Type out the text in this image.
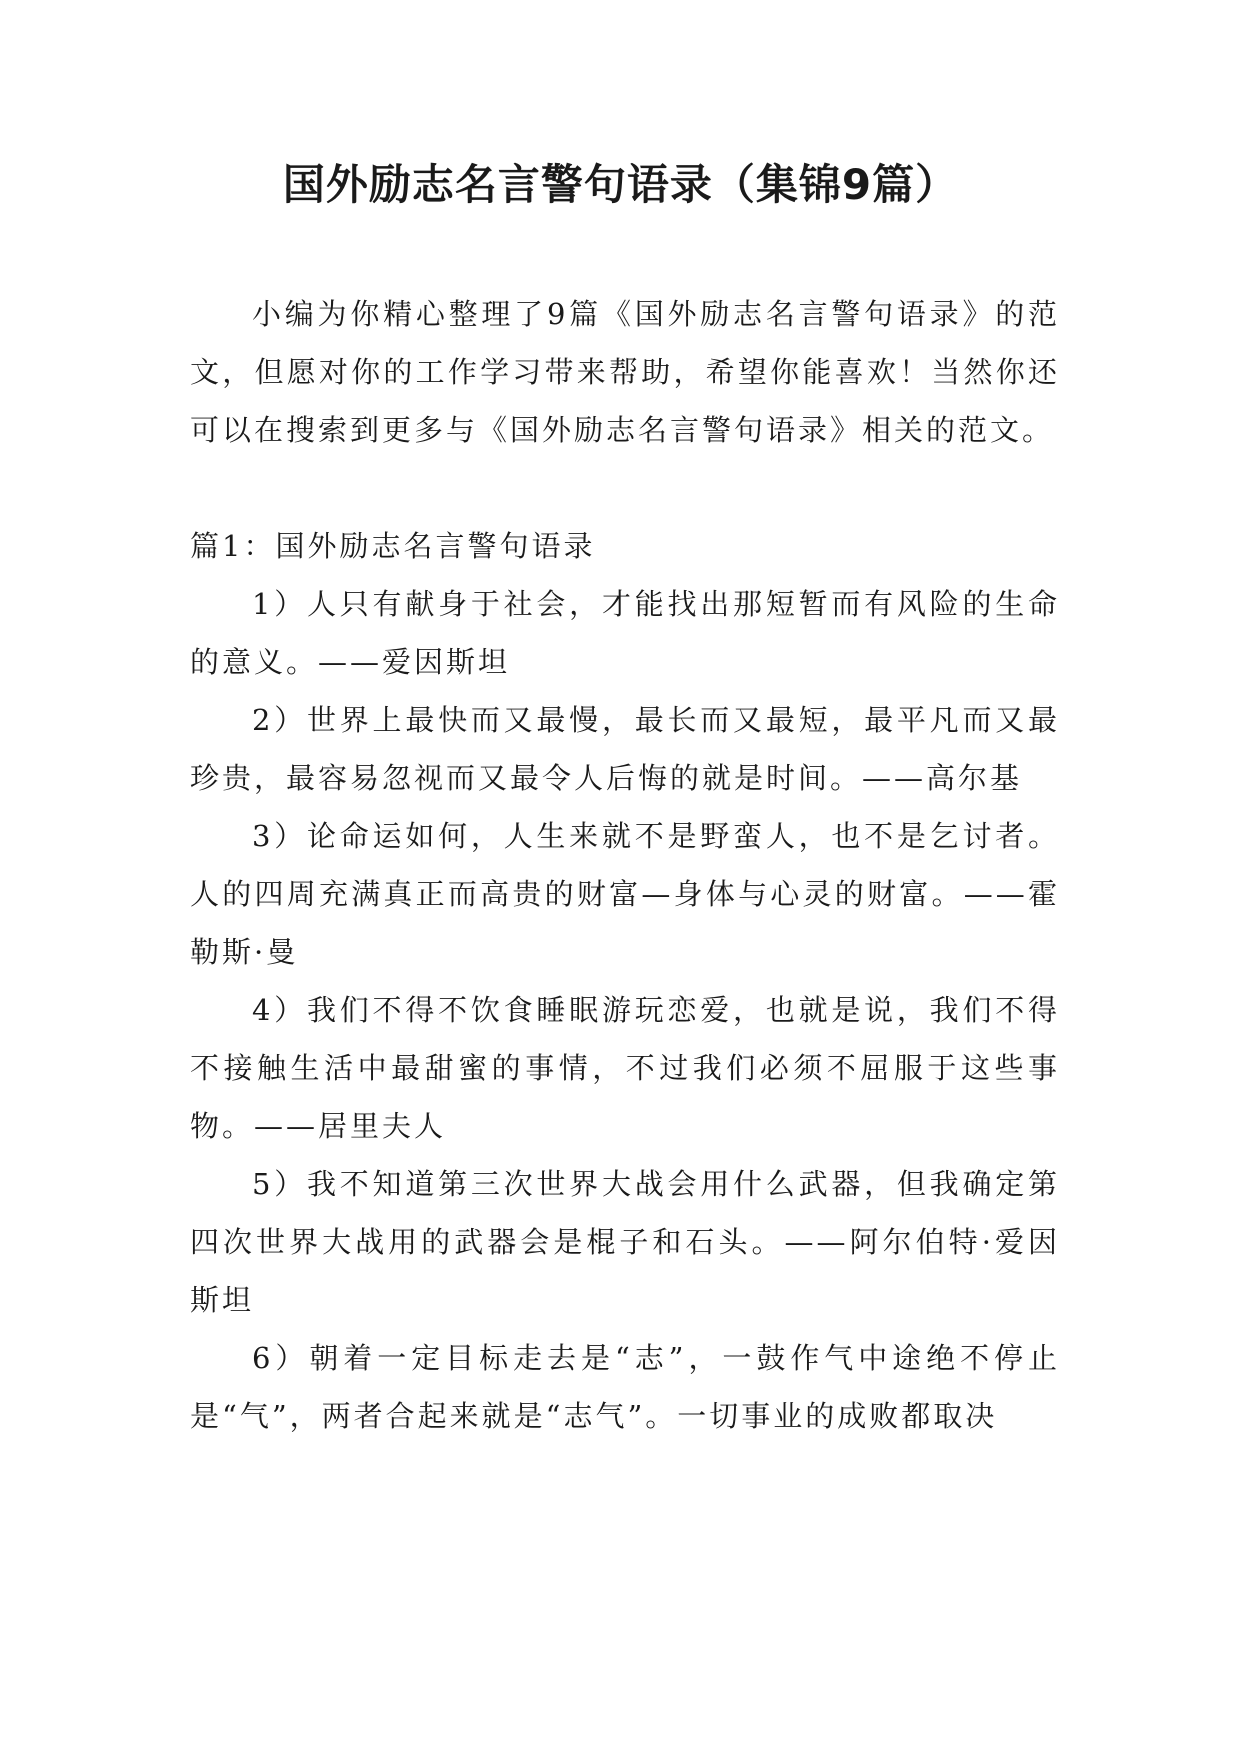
国外励志名言警句语录（集锦9篇）

小编为你精心整理了9篇《国外励志名言警句语录》的范文，但愿对你的工作学习带来帮助，希望你能喜欢！当然你还可以在搜索到更多与《国外励志名言警句语录》相关的范文。

篇1：国外励志名言警句语录

1）人只有献身于社会，才能找出那短暂而有风险的生命的意义。——爱因斯坦

2）世界上最快而又最慢，最长而又最短，最平凡而又最珍贵，最容易忽视而又最令人后悔的就是时间。——高尔基

3）论命运如何，人生来就不是野蛮人，也不是乞讨者。人的四周充满真正而高贵的财富—身体与心灵的财富。——霍勒斯·曼

4）我们不得不饮食睡眠游玩恋爱，也就是说，我们不得不接触生活中最甜蜜的事情，不过我们必须不屈服于这些事物。——居里夫人

5）我不知道第三次世界大战会用什么武器，但我确定第四次世界大战用的武器会是棍子和石头。——阿尔伯特·爱因斯坦

6）朝着一定目标走去是“志”，一鼓作气中途绝不停止是“气”，两者合起来就是“志气”。一切事业的成败都取决
